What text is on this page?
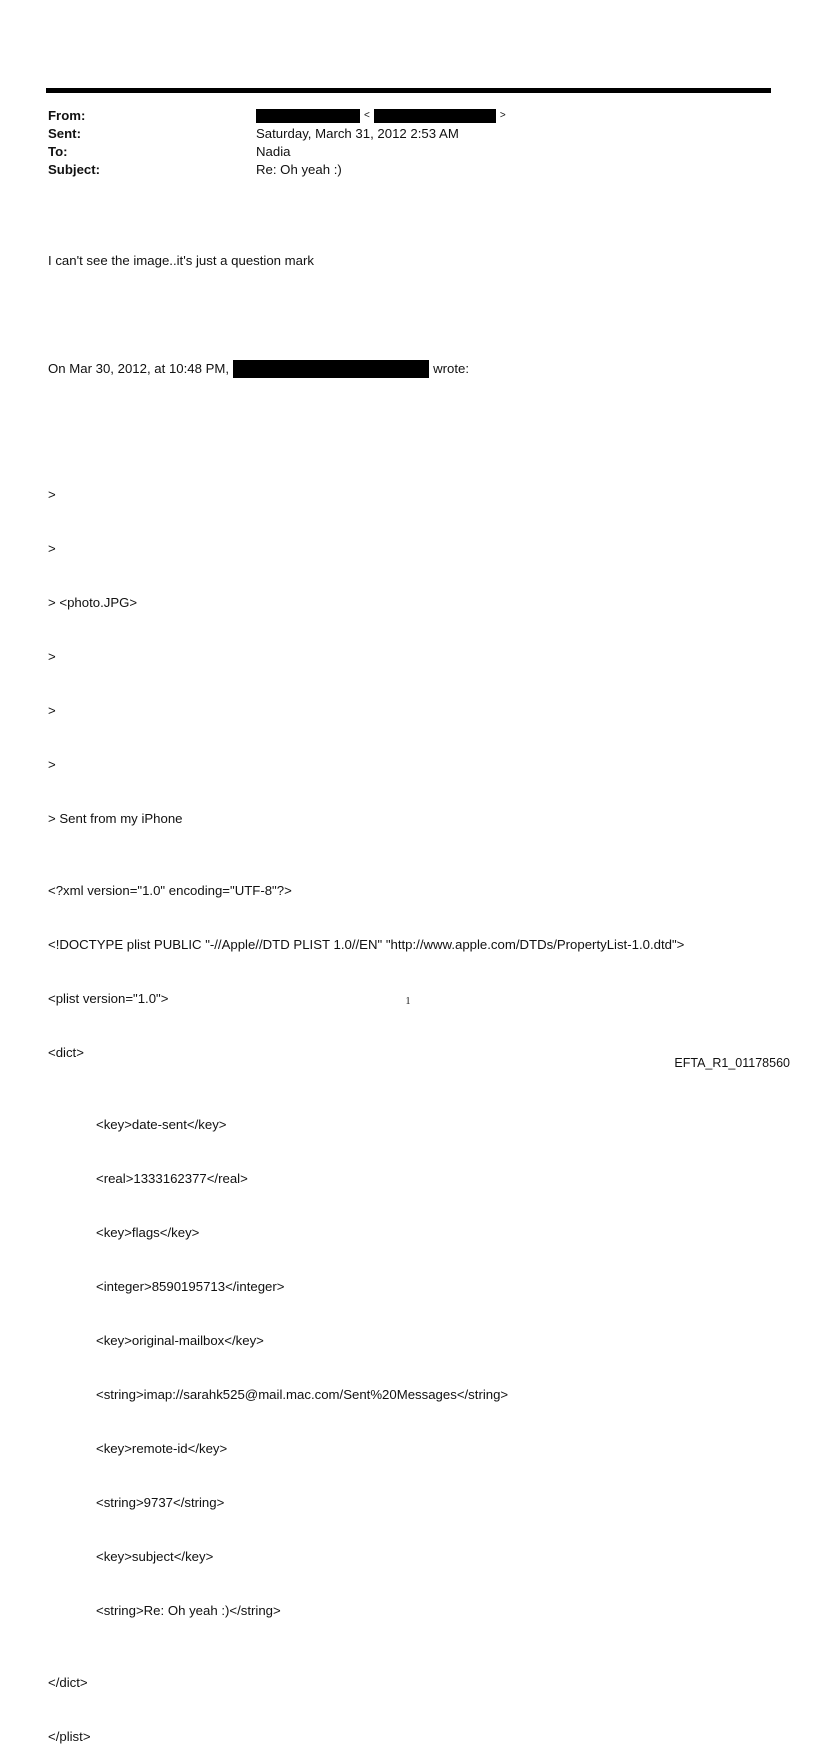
From:	<	>
Sent:	Saturday, March 31, 2012 2:53 AM
To:	Nadia
Subject:	Re: Oh yeah :)

I can't see the image..it's just a question mark

On Mar 30, 2012, at 10:48 PM,	wrote:

>

>

> <photo.JPG>

>

>

>

> Sent from my iPhone

<?xml version="1.0" encoding="UTF-8"?>

<!DOCTYPE plist PUBLIC "-//Apple//DTD PLIST 1.0//EN" "http://www.apple.com/DTDs/PropertyList-1.0.dtd">

<plist version="1.0">

<dict>

<key>date-sent</key>

<real>1333162377</real>

<key>flags</key>

<integer>8590195713</integer>

<key>original-mailbox</key>

<string>imap://sarahk525@mail.mac.com/Sent%20Messages</string>

<key>remote-id</key>

<string>9737</string>

<key>subject</key>

<string>Re: Oh yeah :)</string>

</dict>

</plist>

1
EFTA_R1_01178560
